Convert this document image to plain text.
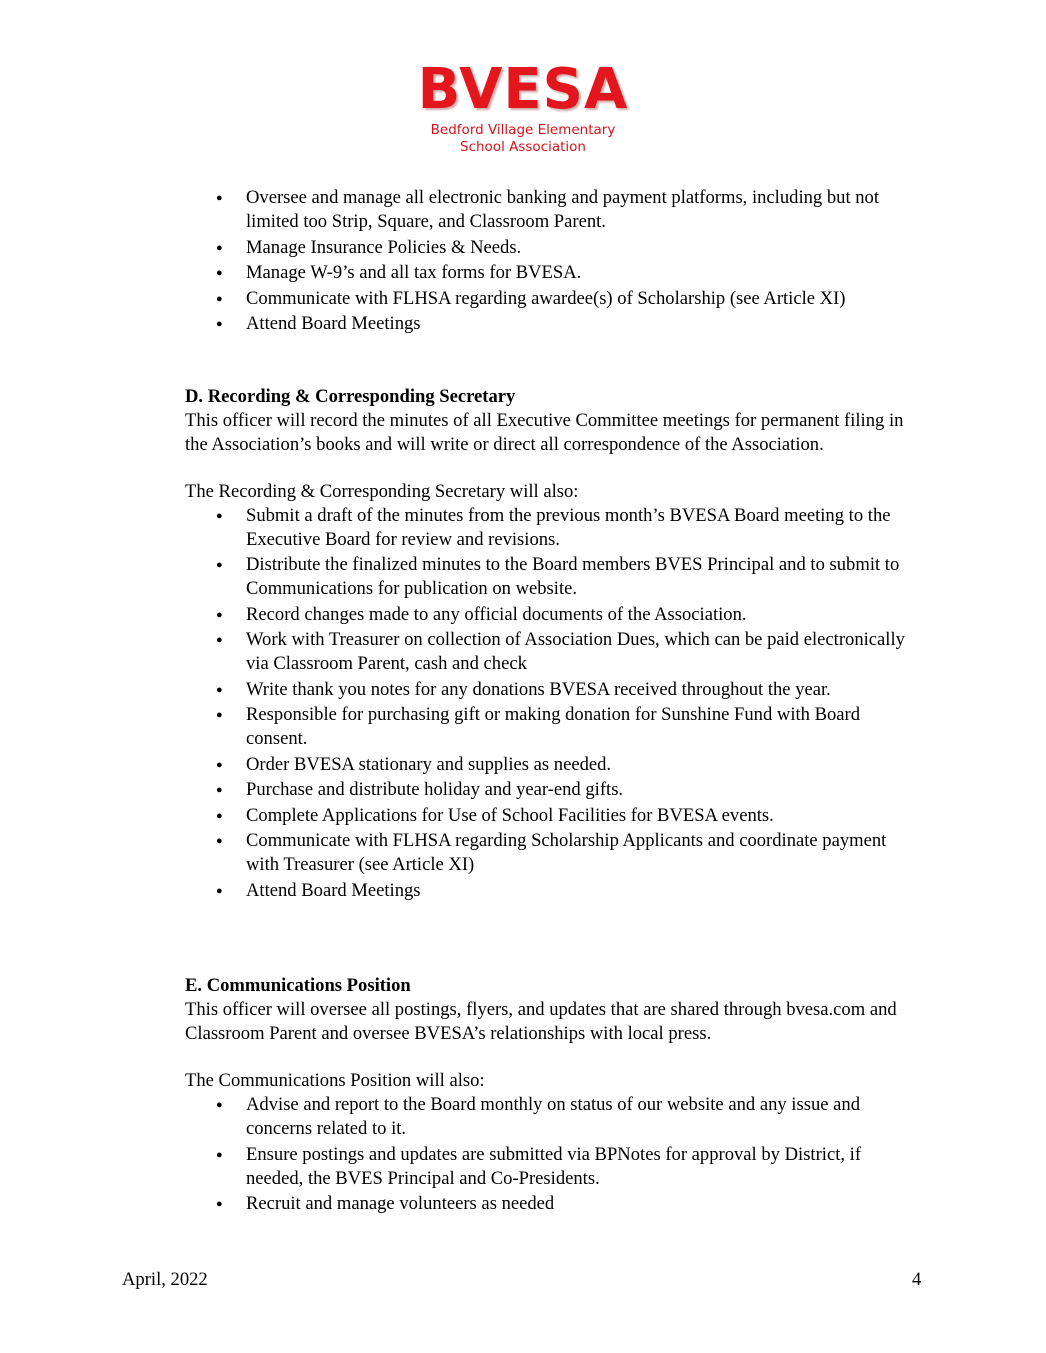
BVESA
Bedford Village Elementary
School Association
● Oversee and manage all electronic banking and payment platforms, including but not limited too Strip, Square, and Classroom Parent.
● Manage Insurance Policies & Needs.
● Manage W-9’s and all tax forms for BVESA.
● Communicate with FLHSA regarding awardee(s) of Scholarship (see Article XI)
● Attend Board Meetings

D. Recording & Corresponding Secretary

This officer will record the minutes of all Executive Committee meetings for permanent filing in the Association’s books and will write or direct all correspondence of the Association.

The Recording & Corresponding Secretary will also:

● Submit a draft of the minutes from the previous month’s BVESA Board meeting to the Executive Board for review and revisions.
● Distribute the finalized minutes to the Board members BVES Principal and to submit to Communications for publication on website.
● Record changes made to any official documents of the Association.
● Work with Treasurer on collection of Association Dues, which can be paid electronically via Classroom Parent, cash and check
● Write thank you notes for any donations BVESA received throughout the year.
● Responsible for purchasing gift or making donation for Sunshine Fund with Board consent.
● Order BVESA stationary and supplies as needed.
● Purchase and distribute holiday and year-end gifts.
● Complete Applications for Use of School Facilities for BVESA events.
● Communicate with FLHSA regarding Scholarship Applicants and coordinate payment with Treasurer (see Article XI)
● Attend Board Meetings

E. Communications Position

This officer will oversee all postings, flyers, and updates that are shared through bvesa.com and Classroom Parent and oversee BVESA’s relationships with local press.

The Communications Position will also:

● Advise and report to the Board monthly on status of our website and any issue and concerns related to it.
● Ensure postings and updates are submitted via BPNotes for approval by District, if needed, the BVES Principal and Co-Presidents.
● Recruit and manage volunteers as needed
April, 2022	4
